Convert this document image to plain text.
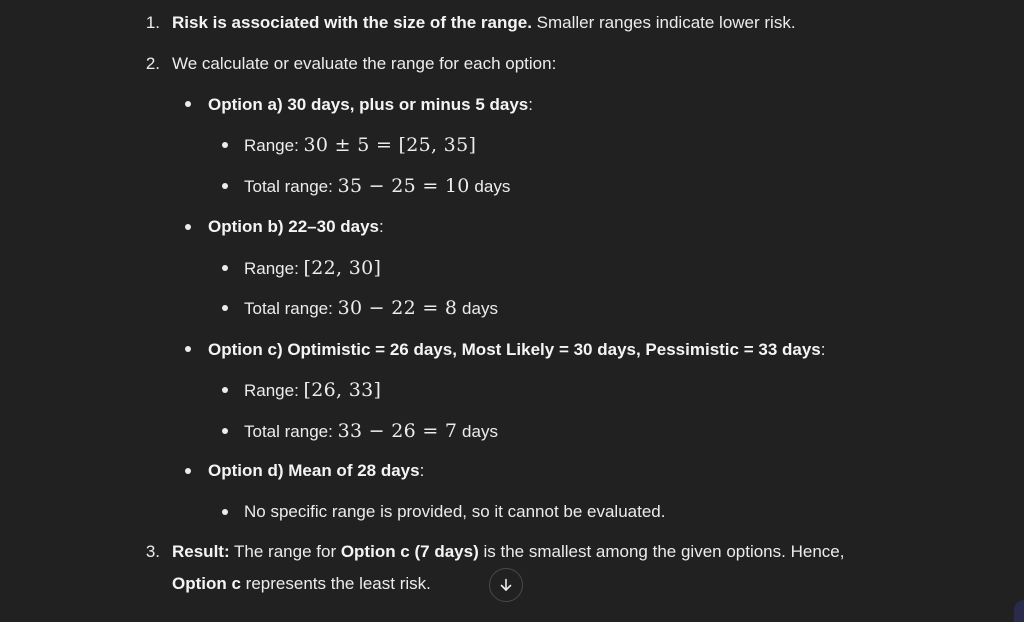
1. Risk is associated with the size of the range. Smaller ranges indicate lower risk.
2. We calculate or evaluate the range for each option:
Option a) 30 days, plus or minus 5 days:
Range: 30 ± 5 = [25, 35]
Total range: 35 − 25 = 10 days
Option b) 22–30 days:
Range: [22, 30]
Total range: 30 − 22 = 8 days
Option c) Optimistic = 26 days, Most Likely = 30 days, Pessimistic = 33 days:
Range: [26, 33]
Total range: 33 − 26 = 7 days
Option d) Mean of 28 days:
No specific range is provided, so it cannot be evaluated.
3. Result: The range for Option c (7 days) is the smallest among the given options. Hence,
Option c represents the least risk.
